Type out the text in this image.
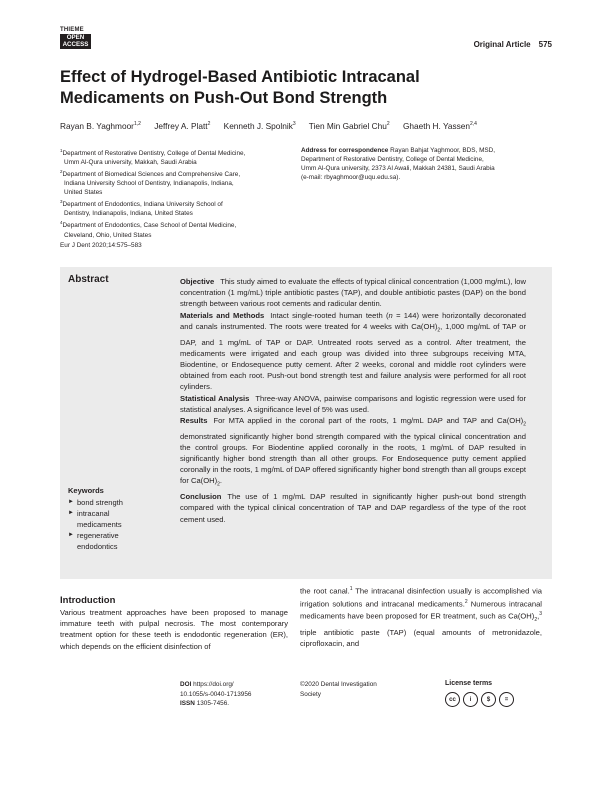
THIEME
OPEN
ACCESS	Original Article 575
Effect of Hydrogel-Based Antibiotic Intracanal
Medicaments on Push-Out Bond Strength
Rayan B. Yaghmoor$^{1,2}$ Jeffrey A. Platt$^2$ Kenneth J. Spolnik$^3$ Tien Min Gabriel Chu$^2$ Ghaeth H. Yassen$^{2,4}$
$^1$Department of Restorative Dentistry, College of Dental Medicine,
Umm Al-Qura university, Makkah, Saudi Arabia
$^2$Department of Biomedical Sciences and Comprehensive Care,
Indiana University School of Dentistry, Indianapolis, Indiana,
United States
$^3$Department of Endodontics, Indiana University School of
Dentistry, Indianapolis, Indiana, United States
$^4$Department of Endodontics, Case School of Dental Medicine,
Cleveland, Ohio, United States
Address for correspondence Rayan Bahjat Yaghmoor, BDS, MSD,
Department of Restorative Dentistry, College of Dental Medicine,
Umm Al-Qura university, 2373 Al Awali, Makkah 24381, Saudi Arabia
(e-mail: rbyaghmoor@uqu.edu.sa).
Eur J Dent 2020;14:575–583
Abstract
Keywords
► bond strength
► intracanal
medicaments
► regenerative
endodontics

Objective This study aimed to evaluate the effects of typical clinical concentration (1,000 mg/mL), low concentration (1 mg/mL) triple antibiotic pastes (TAP), and double antibiotic pastes (DAP) on the bond strength between various root cements and radicular dentin.

Materials and Methods Intact single-rooted human teeth (n = 144) were horizontally decoronated and canals instrumented. The roots were treated for 4 weeks with $Ca(OH)_2$, 1,000 mg/mL of TAP or DAP, and 1 mg/mL of TAP or DAP. Untreated roots served as a control. After treatment, the medicaments were irrigated and each group was divided into three subgroups receiving MTA, Biodentine, or Endosequence putty cement. After 2 weeks, coronal and middle root cylinders were obtained from each root. Push-out bond strength test and failure analysis were performed for all root cylinders.

Statistical Analysis Three-way ANOVA, pairwise comparisons and logistic regression were used for statistical analyses. A significance level of 5% was used.

Results For MTA applied in the coronal part of the roots, 1 mg/mL DAP and TAP and $Ca(OH)_2$ demonstrated significantly higher bond strength compared with the typical clinical concentration and the control groups. For Biodentine applied coronally in the roots, 1 mg/mL of DAP resulted in significantly higher bond strength than all other groups. For Endosequence putty cement applied coronally in the roots, 1 mg/mL of DAP offered significantly higher bond strength than all groups except for $Ca(OH)_2$.

Conclusion The use of 1 mg/mL DAP resulted in significantly higher push-out bond strength compared with the typical clinical concentration of TAP and DAP regardless of the type of the root cement used.

Introduction
Various treatment approaches have been proposed to manage immature teeth with pulpal necrosis. The most contemporary treatment option for these teeth is endodontic regeneration (ER), which depends on the efficient disinfection of
the root canal.$^1$ The intracanal disinfection usually is accomplished via irrigation solutions and intracanal medicaments.$^2$ Numerous intracanal medicaments have been proposed for ER treatment, such as $Ca(OH)_2,^3$ triple antibiotic paste (TAP) (equal amounts of metronidazole, ciprofloxacin, and
DOI https://doi.org/
10.1055/s-0040-1713956
ISSN 1305-7456.
©2020 Dental Investigation
Society
License terms
cc	i	$	=
